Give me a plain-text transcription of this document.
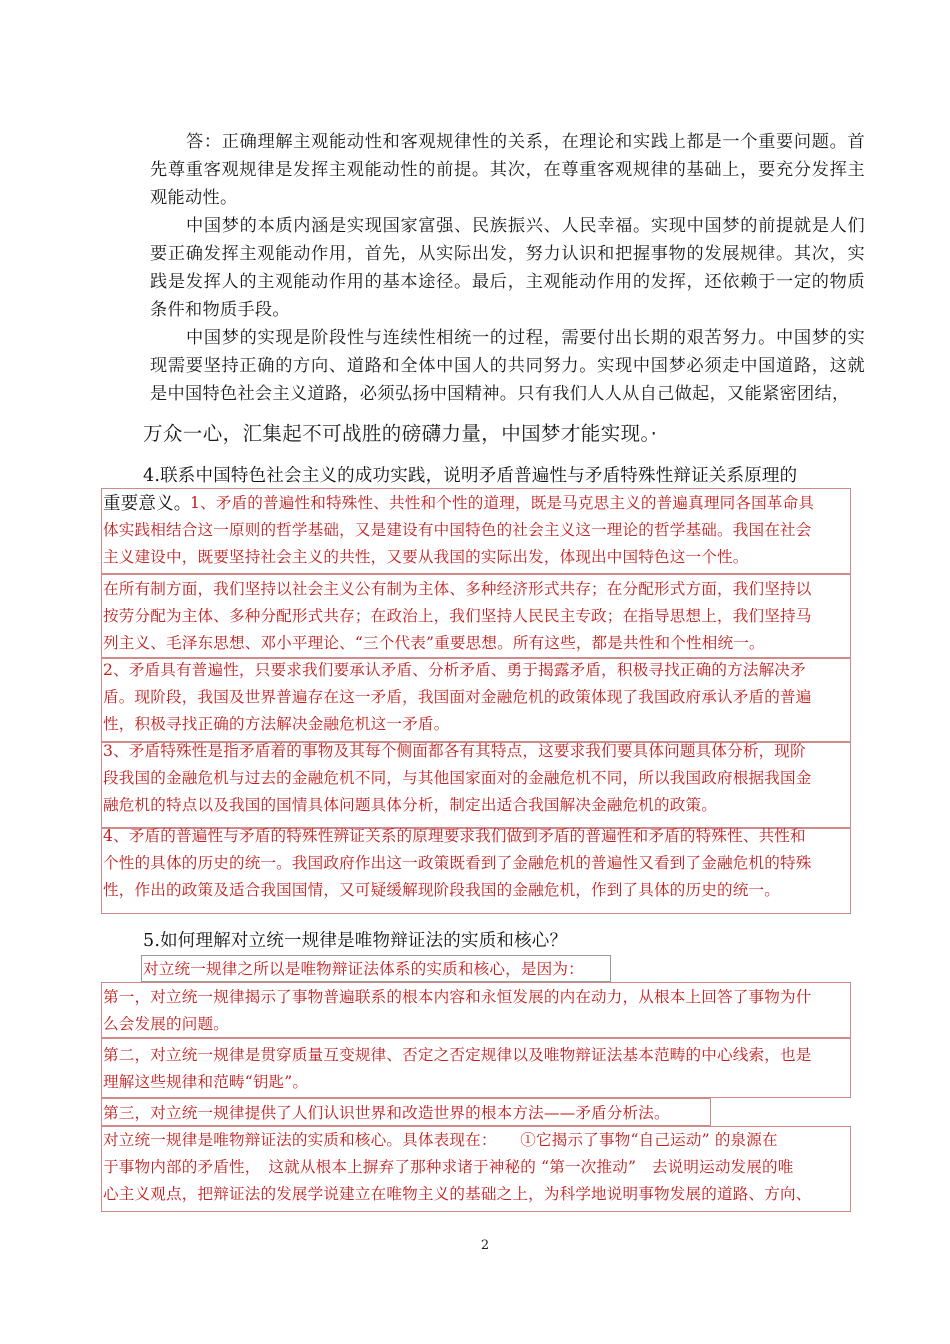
答：正确理解主观能动性和客观规律性的关系，在理论和实践上都是一个重要问题。首先尊重客观规律是发挥主观能动性的前提。其次，在尊重客观规律的基础上，要充分发挥主观能动性。

中国梦的本质内涵是实现国家富强、民族振兴、人民幸福。实现中国梦的前提就是人们要正确发挥主观能动作用，首先，从实际出发，努力认识和把握事物的发展规律。其次，实践是发挥人的主观能动作用的基本途径。最后，主观能动作用的发挥，还依赖于一定的物质条件和物质手段。

中国梦的实现是阶段性与连续性相统一的过程，需要付出长期的艰苦努力。中国梦的实现需要坚持正确的方向、道路和全体中国人的共同努力。实现中国梦必须走中国道路，这就是中国特色社会主义道路，必须弘扬中国精神。只有我们人人从自己做起，又能紧密团结，

万众一心，汇集起不可战胜的磅礴力量，中国梦才能实现。·
4.联系中国特色社会主义的成功实践，说明矛盾普遍性与矛盾特殊性辩证关系原理的
重要意义。
1、矛盾的普遍性和特殊性、共性和个性的道理，既是马克思主义的普遍真理同各国革命具
体实践相结合这一原则的哲学基础，又是建设有中国特色的社会主义这一理论的哲学基础。我国在社会
主义建设中，既要坚持社会主义的共性，又要从我国的实际出发，体现出中国特色这一个性。
在所有制方面，我们坚持以社会主义公有制为主体、多种经济形式共存；在分配形式方面，我们坚持以
按劳分配为主体、多种分配形式共存；在政治上，我们坚持人民民主专政；在指导思想上，我们坚持马
列主义、毛泽东思想、邓小平理论、“三个代表”重要思想。所有这些，都是共性和个性相统一。
2、矛盾具有普遍性，只要求我们要承认矛盾、分析矛盾、勇于揭露矛盾，积极寻找正确的方法解决矛
盾。现阶段，我国及世界普遍存在这一矛盾，我国面对金融危机的政策体现了我国政府承认矛盾的普遍
性，积极寻找正确的方法解决金融危机这一矛盾。
3、矛盾特殊性是指矛盾着的事物及其每个侧面都各有其特点，这要求我们要具体问题具体分析，现阶
段我国的金融危机与过去的金融危机不同，与其他国家面对的金融危机不同，所以我国政府根据我国金
融危机的特点以及我国的国情具体问题具体分析，制定出适合我国解决金融危机的政策。
4、矛盾的普遍性与矛盾的特殊性辨证关系的原理要求我们做到矛盾的普遍性和矛盾的特殊性、共性和
个性的具体的历史的统一。我国政府作出这一政策既看到了金融危机的普遍性又看到了金融危机的特殊
性，作出的政策及适合我国国情，又可疑缓解现阶段我国的金融危机，作到了具体的历史的统一。
5.如何理解对立统一规律是唯物辩证法的实质和核心？
对立统一规律之所以是唯物辩证法体系的实质和核心，是因为：
第一，对立统一规律揭示了事物普遍联系的根本内容和永恒发展的内在动力，从根本上回答了事物为什
么会发展的问题。
第二，对立统一规律是贯穿质量互变规律、否定之否定规律以及唯物辩证法基本范畴的中心线索，也是
理解这些规律和范畴“钥匙”。
第三，对立统一规律提供了人们认识世界和改造世界的根本方法——矛盾分析法。
对立统一规律是唯物辩证法的实质和核心。具体表现在：　　①它揭示了事物“自己运动” 的泉源在
于事物内部的矛盾性，　这就从根本上摒弃了那种求诸于神秘的 “第一次推动”　去说明运动发展的唯
心主义观点，把辩证法的发展学说建立在唯物主义的基础之上，为科学地说明事物发展的道路、方向、
2
